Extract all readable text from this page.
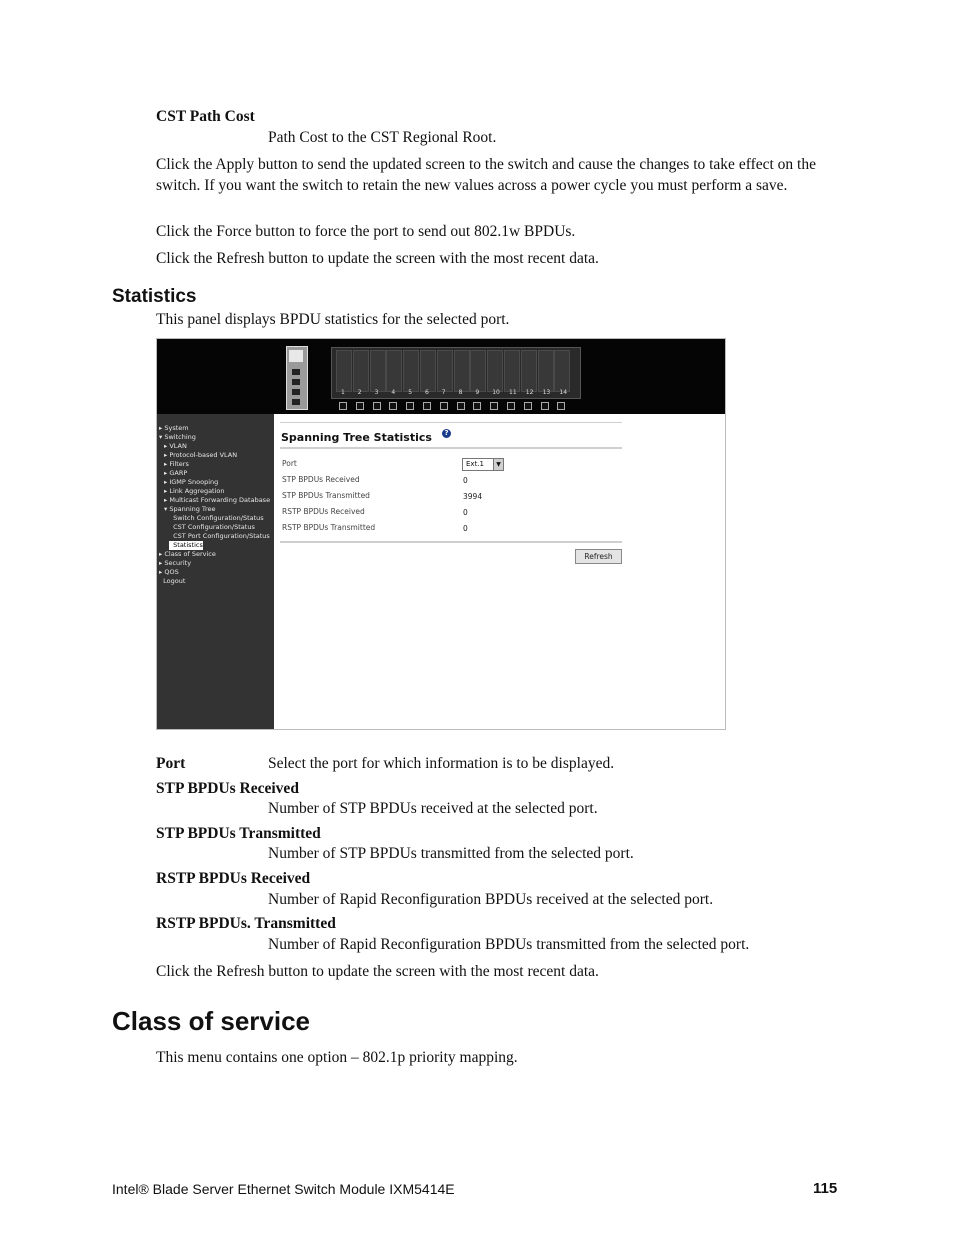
CST Path Cost
Path Cost to the CST Regional Root.
Click the Apply button to send the updated screen to the switch and cause the changes to take effect on the switch. If you want the switch to retain the new values across a power cycle you must perform a save.
Click the Force button to force the port to send out 802.1w BPDUs.
Click the Refresh button to update the screen with the most recent data.
Statistics
This panel displays BPDU statistics for the selected port.
1 2 3 4 5 6 7 8 9 10 11 12 13 14
▸ System
▾ Switching
▸ VLAN
▸ Protocol-based VLAN
▸ Filters
▸ GARP
▸ IGMP Snooping
▸ Link Aggregation
▸ Multicast Forwarding Database
▾ Spanning Tree
Switch Configuration/Status
CST Configuration/Status
CST Port Configuration/Status
Statistics
▸ Class of Service
▸ Security
▸ QOS
Logout
Spanning Tree Statistics	?
Port	Ext.1	▼
STP BPDUs Received	0
STP BPDUs Transmitted	3994
RSTP BPDUs Received	0
RSTP BPDUs Transmitted	0
Refresh
Port	Select the port for which information is to be displayed.
STP BPDUs Received
Number of STP BPDUs received at the selected port.
STP BPDUs Transmitted
Number of STP BPDUs transmitted from the selected port.
RSTP BPDUs Received
Number of Rapid Reconfiguration BPDUs received at the selected port.
RSTP BPDUs. Transmitted
Number of Rapid Reconfiguration BPDUs transmitted from the selected port.
Click the Refresh button to update the screen with the most recent data.
Class of service
This menu contains one option – 802.1p priority mapping.
Intel® Blade Server Ethernet Switch Module IXM5414E	115
